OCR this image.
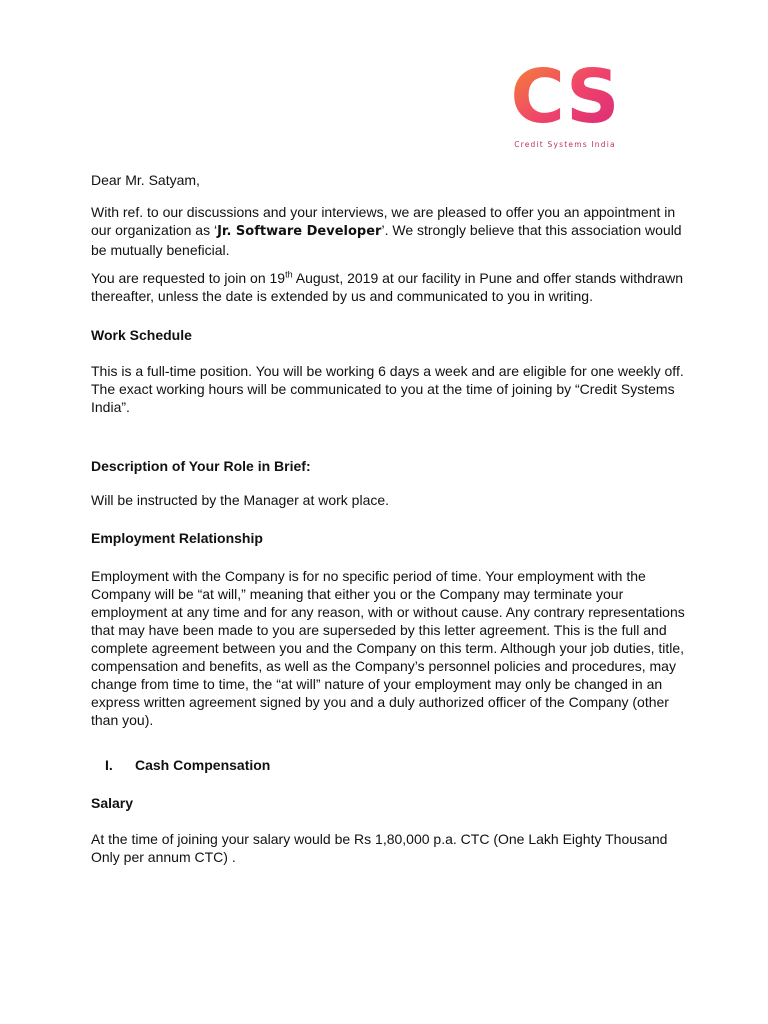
CS
Credit Systems India
Dear Mr. Satyam,
With ref. to our discussions and your interviews, we are pleased to offer you an appointment in our organization as ‘Jr. Software Developer’. We strongly believe that this association would be mutually beneficial.
You are requested to join on 19th August, 2019 at our facility in Pune and offer stands withdrawn thereafter, unless the date is extended by us and communicated to you in writing.
Work Schedule
This is a full-time position. You will be working 6 days a week and are eligible for one weekly off. The exact working hours will be communicated to you at the time of joining by “Credit Systems India”.
Description of Your Role in Brief:
Will be instructed by the Manager at work place.
Employment Relationship
Employment with the Company is for no specific period of time. Your employment with the Company will be “at will,” meaning that either you or the Company may terminate your employment at any time and for any reason, with or without cause. Any contrary representations that may have been made to you are superseded by this letter agreement. This is the full and complete agreement between you and the Company on this term. Although your job duties, title, compensation and benefits, as well as the Company’s personnel policies and procedures, may change from time to time, the “at will” nature of your employment may only be changed in an express written agreement signed by you and a duly authorized officer of the Company (other than you).
I. Cash Compensation
Salary
At the time of joining your salary would be Rs 1,80,000 p.a. CTC (One Lakh Eighty Thousand Only per annum CTC) .
